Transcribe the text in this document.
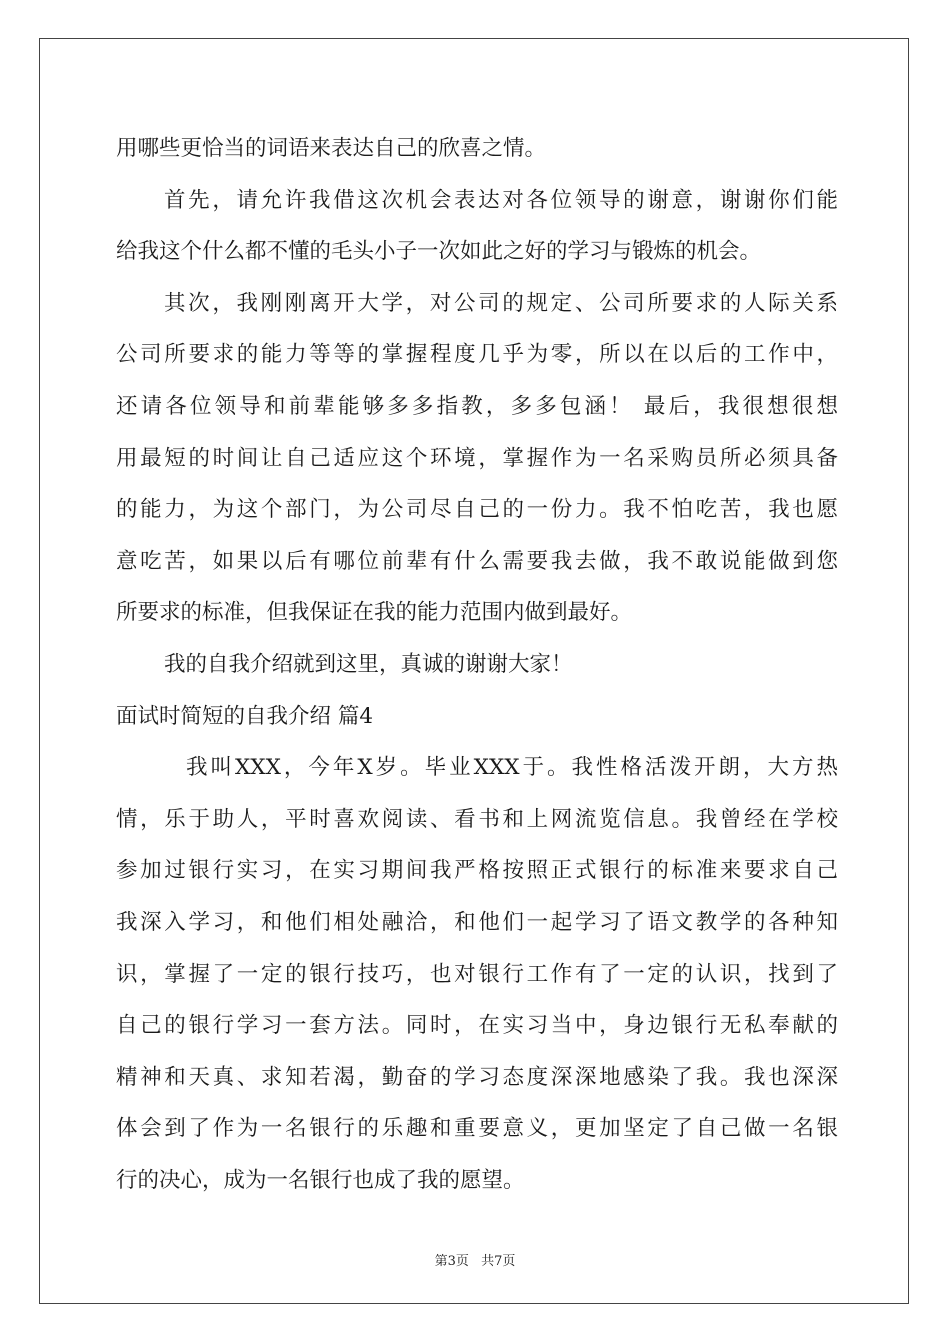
用哪些更恰当的词语来表达自己的欣喜之情。
首先，请允许我借这次机会表达对各位领导的谢意，谢谢你们能
给我这个什么都不懂的毛头小子一次如此之好的学习与锻炼的机会。
其次，我刚刚离开大学，对公司的规定、公司所要求的人际关系
公司所要求的能力等等的掌握程度几乎为零，所以在以后的工作中，
还请各位领导和前辈能够多多指教，多多包涵！ 最后，我很想很想
用最短的时间让自己适应这个环境，掌握作为一名采购员所必须具备
的能力，为这个部门，为公司尽自己的一份力。我不怕吃苦，我也愿
意吃苦，如果以后有哪位前辈有什么需要我去做，我不敢说能做到您
所要求的标准，但我保证在我的能力范围内做到最好。
我的自我介绍就到这里，真诚的谢谢大家！
面试时简短的自我介绍 篇4
我叫XXX，今年X岁。毕业XXX于。我性格活泼开朗，大方热
情，乐于助人，平时喜欢阅读、看书和上网流览信息。我曾经在学校
参加过银行实习，在实习期间我严格按照正式银行的标准来要求自己
我深入学习，和他们相处融洽，和他们一起学习了语文教学的各种知
识，掌握了一定的银行技巧，也对银行工作有了一定的认识，找到了
自己的银行学习一套方法。同时，在实习当中，身边银行无私奉献的
精神和天真、求知若渴，勤奋的学习态度深深地感染了我。我也深深
体会到了作为一名银行的乐趣和重要意义，更加坚定了自己做一名银
行的决心，成为一名银行也成了我的愿望。
第3页 共7页
